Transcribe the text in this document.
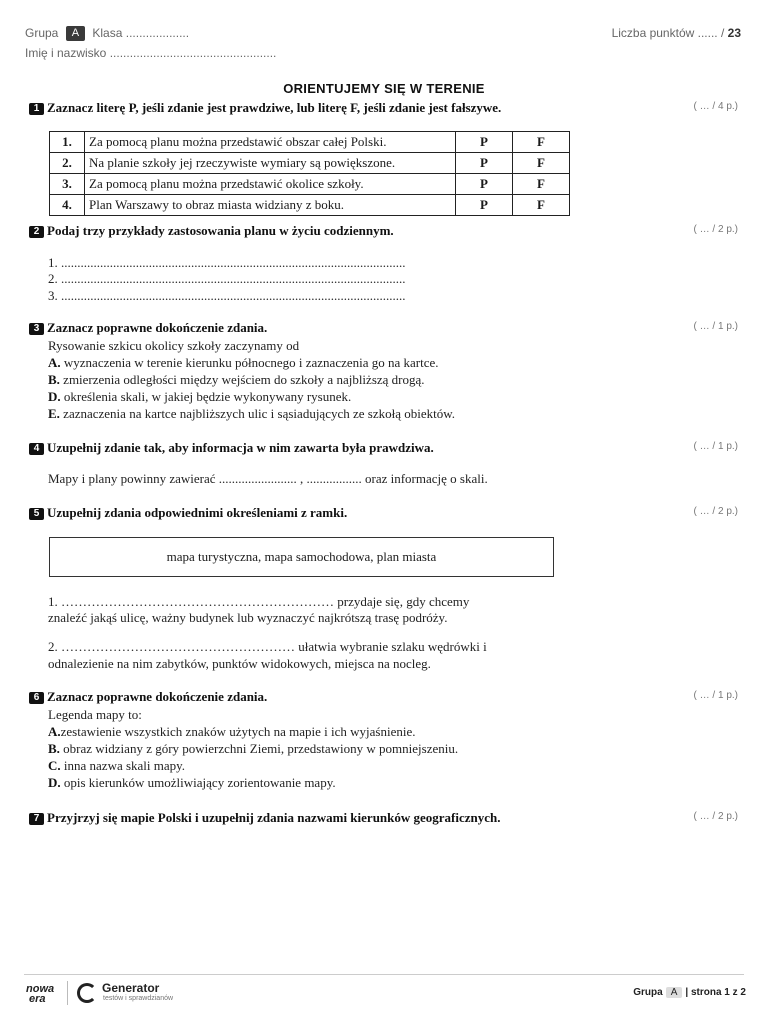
Grupa A Klasa ...................
Imię i nazwisko ..................................................
Liczba punktów ...... / 23
ORIENTUJEMY SIĘ W TERENIE
1 Zaznacz literę P, jeśli zdanie jest prawdziwe, lub literę F, jeśli zdanie jest fałszywe.	( … / 4 p.)
1.	Za pomocą planu można przedstawić obszar całej Polski.	P	F
2.	Na planie szkoły jej rzeczywiste wymiary są powiększone.	P	F
3.	Za pomocą planu można przedstawić okolice szkoły.	P	F
4.	Plan Warszawy to obraz miasta widziany z boku.	P	F
2 Podaj trzy przykłady zastosowania planu w życiu codziennym.	( … / 2 p.)
1. ..........................................................................................................
2. ..........................................................................................................
3. ..........................................................................................................
3 Zaznacz poprawne dokończenie zdania.	( … / 1 p.)
Rysowanie szkicu okolicy szkoły zaczynamy od
A. wyznaczenia w terenie kierunku północnego i zaznaczenia go na kartce.
B. zmierzenia odległości między wejściem do szkoły a najbliższą drogą.
D. określenia skali, w jakiej będzie wykonywany rysunek.
E. zaznaczenia na kartce najbliższych ulic i sąsiadujących ze szkołą obiektów.
4 Uzupełnij zdanie tak, aby informacja w nim zawarta była prawdziwa.	( … / 1 p.)
Mapy i plany powinny zawierać ........................ , ................. oraz informację o skali.
5 Uzupełnij zdania odpowiednimi określeniami z ramki.	( … / 2 p.)
mapa turystyczna, mapa samochodowa, plan miasta
1. ……………………………………………………… przydaje się, gdy chcemy
znaleźć jakąś ulicę, ważny budynek lub wyznaczyć najkrótszą trasę podróży.
2. ……………………………………………… ułatwia wybranie szlaku wędrówki i
odnalezienie na nim zabytków, punktów widokowych, miejsca na nocleg.
6 Zaznacz poprawne dokończenie zdania.	( … / 1 p.)
Legenda mapy to:
A.zestawienie wszystkich znaków użytych na mapie i ich wyjaśnienie.
B. obraz widziany z góry powierzchni Ziemi, przedstawiony w pomniejszeniu.
C. inna nazwa skali mapy.
D. opis kierunków umożliwiający zorientowanie mapy.
7 Przyjrzyj się mapie Polski i uzupełnij zdania nazwami kierunków geograficznych.	( … / 2 p.)
nowa
era
Generator
testów i sprawdzianów
Grupa A | strona 1 z 2
